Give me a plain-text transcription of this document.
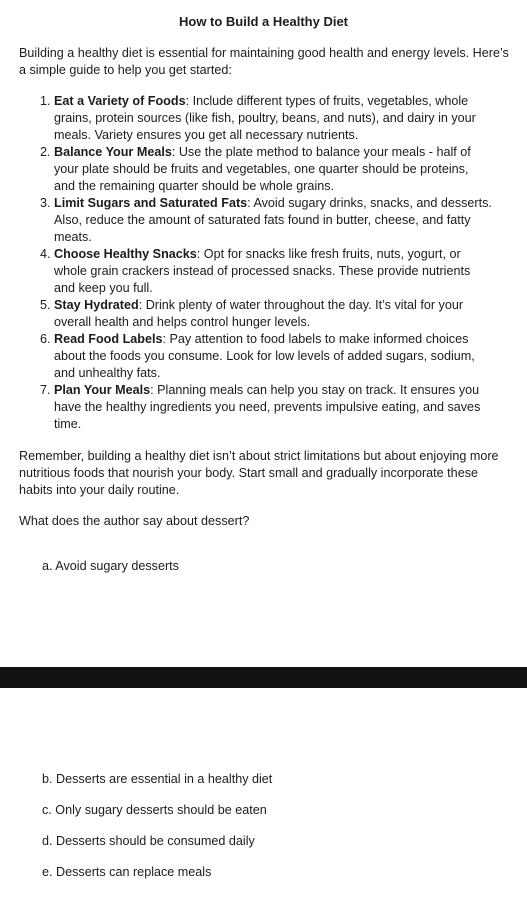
How to Build a Healthy Diet

Building a healthy diet is essential for maintaining good health and energy levels. Here’s a simple guide to help you get started:

1. Eat a Variety of Foods: Include different types of fruits, vegetables, whole grains, protein sources (like fish, poultry, beans, and nuts), and dairy in your meals. Variety ensures you get all necessary nutrients.
2. Balance Your Meals: Use the plate method to balance your meals - half of your plate should be fruits and vegetables, one quarter should be proteins, and the remaining quarter should be whole grains.
3. Limit Sugars and Saturated Fats: Avoid sugary drinks, snacks, and desserts. Also, reduce the amount of saturated fats found in butter, cheese, and fatty meats.
4. Choose Healthy Snacks: Opt for snacks like fresh fruits, nuts, yogurt, or whole grain crackers instead of processed snacks. These provide nutrients and keep you full.
5. Stay Hydrated: Drink plenty of water throughout the day. It’s vital for your overall health and helps control hunger levels.
6. Read Food Labels: Pay attention to food labels to make informed choices about the foods you consume. Look for low levels of added sugars, sodium, and unhealthy fats.
7. Plan Your Meals: Planning meals can help you stay on track. It ensures you have the healthy ingredients you need, prevents impulsive eating, and saves time.

Remember, building a healthy diet isn’t about strict limitations but about enjoying more nutritious foods that nourish your body. Start small and gradually incorporate these habits into your daily routine.

What does the author say about dessert?

a. Avoid sugary desserts

b. Desserts are essential in a healthy diet

c. Only sugary desserts should be eaten

d. Desserts should be consumed daily

e. Desserts can replace meals
